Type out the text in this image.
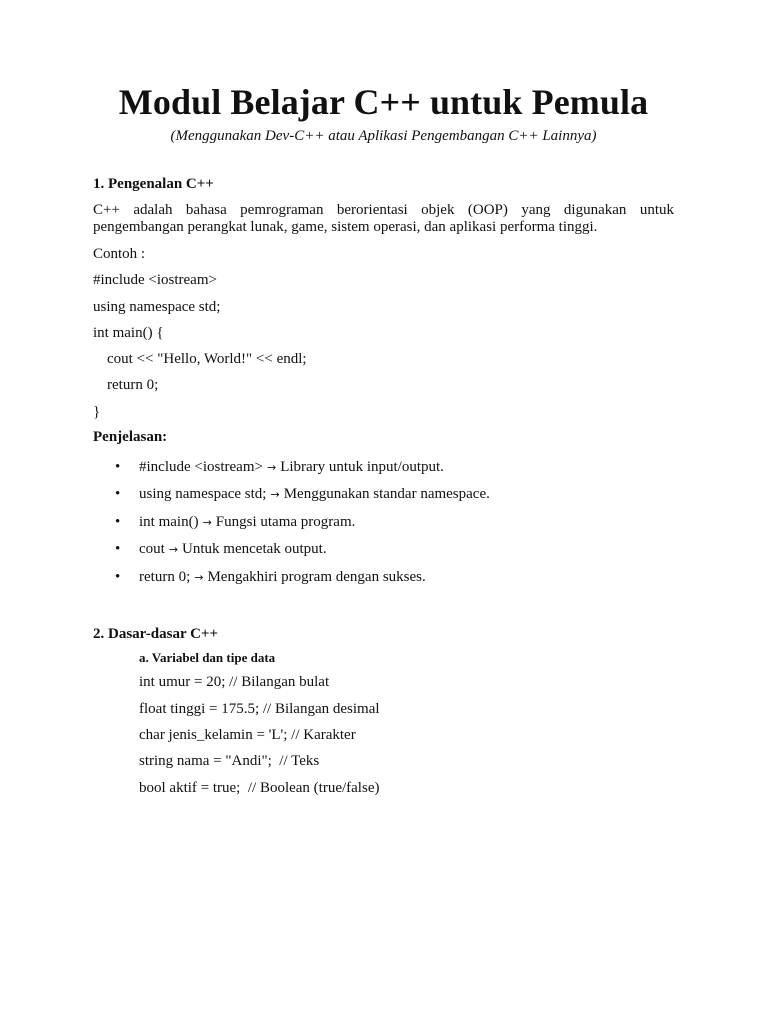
Modul Belajar C++ untuk Pemula

(Menggunakan Dev-C++ atau Aplikasi Pengembangan C++ Lainnya)

1. Pengenalan C++

C++ adalah bahasa pemrograman berorientasi objek (OOP) yang digunakan untuk pengembangan perangkat lunak, game, sistem operasi, dan aplikasi performa tinggi.

Contoh :

#include <iostream>

using namespace std;

int main() {

cout << "Hello, World!" << endl;

return 0;

}

Penjelasan:

• #include <iostream> → Library untuk input/output.
• using namespace std; → Menggunakan standar namespace.
• int main() → Fungsi utama program.
• cout → Untuk mencetak output.
• return 0; → Mengakhiri program dengan sukses.
2. Dasar-dasar C++
a. Variabel dan tipe data

int umur = 20; // Bilangan bulat

float tinggi = 175.5; // Bilangan desimal

char jenis_kelamin = 'L'; // Karakter

string nama = "Andi";  // Teks

bool aktif = true;  // Boolean (true/false)
